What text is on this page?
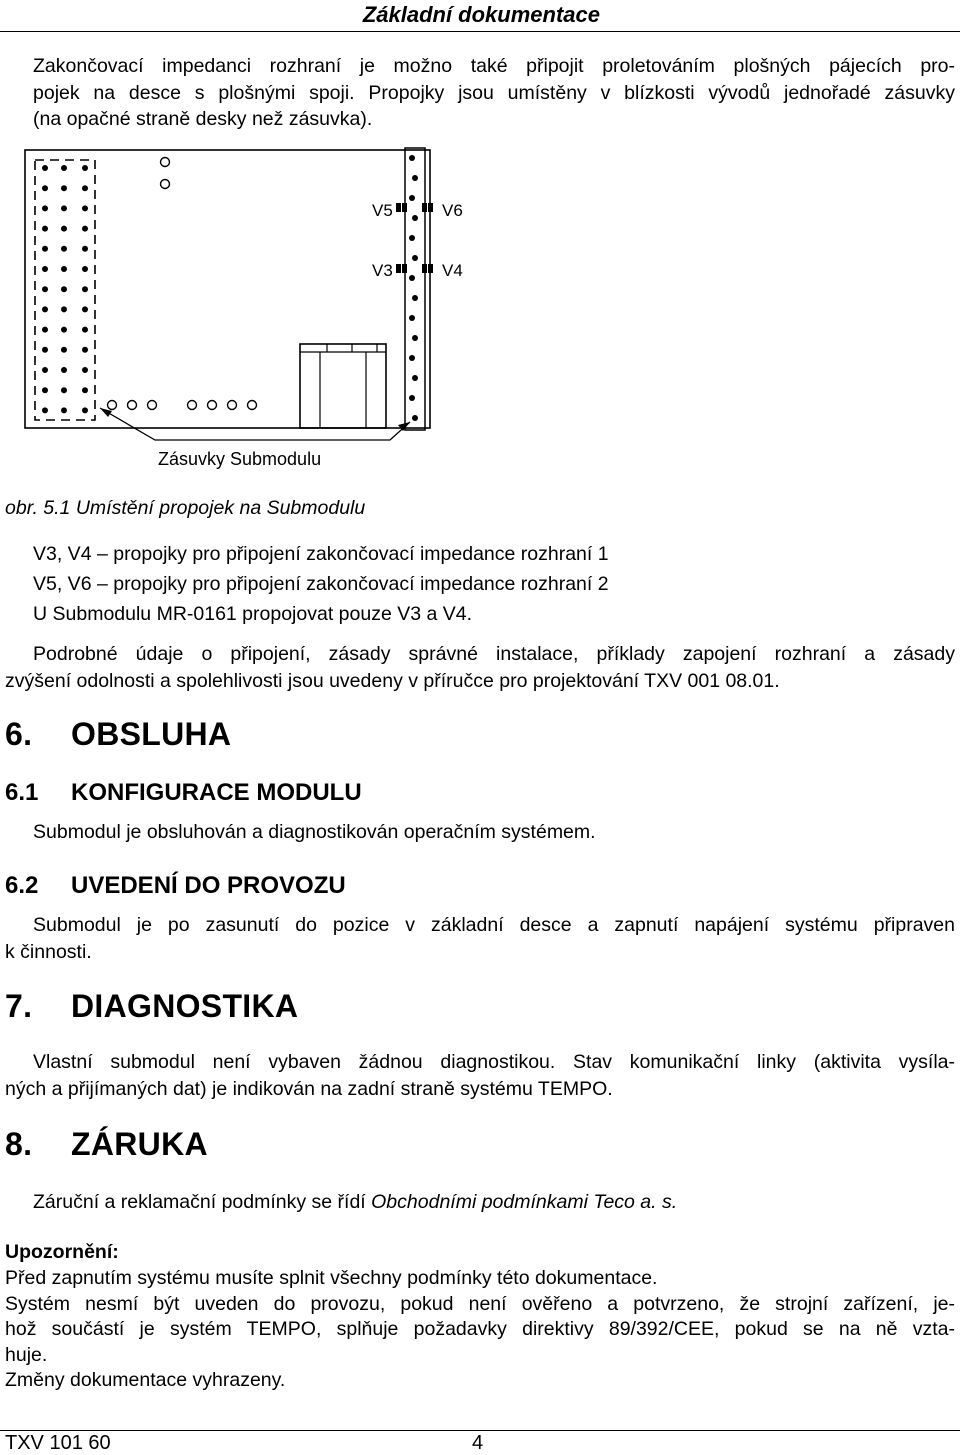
Základní dokumentace
Zakončovací impedanci rozhraní je možno také připojit proletováním plošných pájecích pro-
pojek na desce s plošnými spoji. Propojky jsou umístěny v blízkosti vývodů jednořadé zásuvky
(na opačné straně desky než zásuvka).
V5	V6
V3	V4
Zásuvky Submodulu
obr. 5.1 Umístění propojek na Submodulu
V3, V4 – propojky pro připojení zakončovací impedance rozhraní 1
V5, V6 – propojky pro připojení zakončovací impedance rozhraní 2
U Submodulu MR-0161 propojovat pouze V3 a V4.
Podrobné údaje o připojení, zásady správné instalace, příklady zapojení rozhraní a zásady
zvýšení odolnosti a spolehlivosti jsou uvedeny v příručce pro projektování TXV 001 08.01.
6. OBSLUHA
6.1 KONFIGURACE MODULU
Submodul je obsluhován a diagnostikován operačním systémem.
6.2 UVEDENÍ DO PROVOZU
Submodul je po zasunutí do pozice v základní desce a zapnutí napájení systému připraven
k činnosti.
7. DIAGNOSTIKA
Vlastní submodul není vybaven žádnou diagnostikou. Stav komunikační linky (aktivita vysíla-
ných a přijímaných dat) je indikován na zadní straně systému TEMPO.
8. ZÁRUKA
Záruční a reklamační podmínky se řídí Obchodními podmínkami Teco a. s.
Upozornění:
Před zapnutím systému musíte splnit všechny podmínky této dokumentace.
Systém nesmí být uveden do provozu, pokud není ověřeno a potvrzeno, že strojní zařízení, je-
hož součástí je systém TEMPO, splňuje požadavky direktivy 89/392/CEE, pokud se na ně vzta-
huje.
Změny dokumentace vyhrazeny.
TXV 101 60	4
